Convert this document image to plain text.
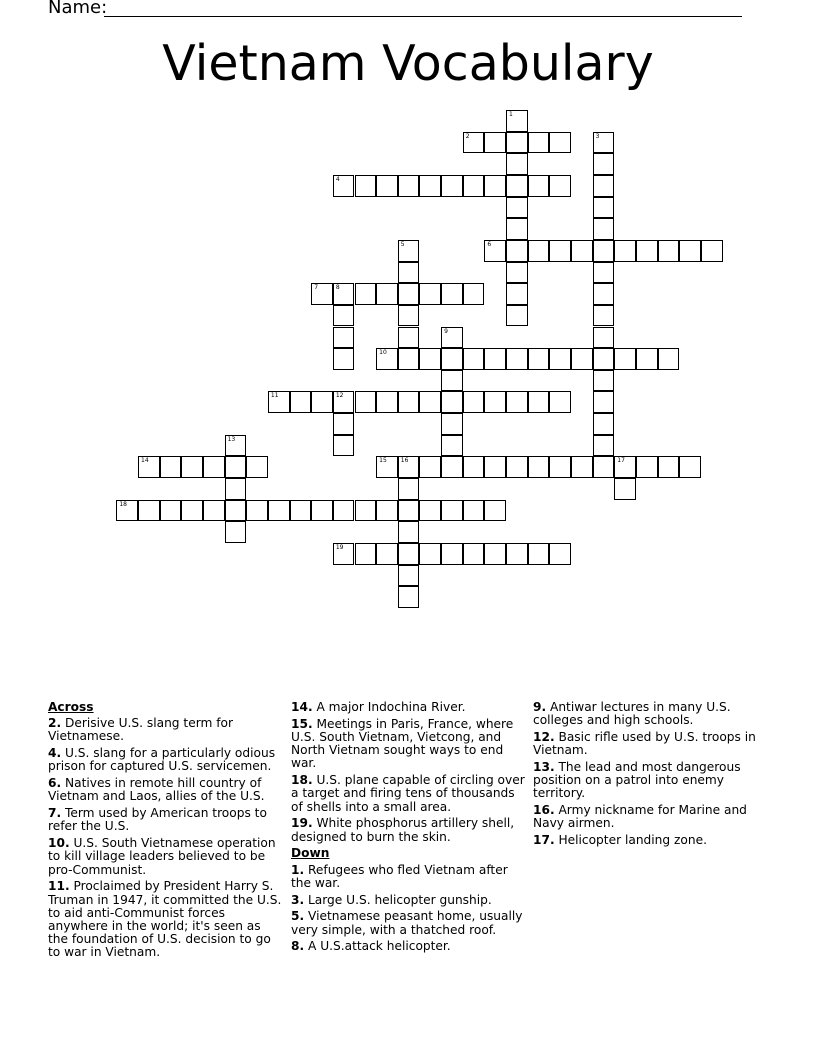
Name:
Vietnam Vocabulary
1
2	3
4
5	6
7	8
9
10
11	12
13
14	15 16	17
18
19
Across
2. Derisive U.S. slang term for Vietnamese.
4. U.S. slang for a particularly odious prison for captured U.S. servicemen.
6. Natives in remote hill country of Vietnam and Laos, allies of the U.S.
7. Term used by American troops to refer the U.S.
10. U.S. South Vietnamese operation to kill village leaders believed to be pro-Communist.
11. Proclaimed by President Harry S. Truman in 1947, it committed the U.S. to aid anti-Communist forces anywhere in the world; it's seen as the foundation of U.S. decision to go to war in Vietnam.
14. A major Indochina River.
15. Meetings in Paris, France, where U.S. South Vietnam, Vietcong, and North Vietnam sought ways to end war.
18. U.S. plane capable of circling over a target and firing tens of thousands of shells into a small area.
19. White phosphorus artillery shell, designed to burn the skin.
Down
1. Refugees who fled Vietnam after the war.
3. Large U.S. helicopter gunship.
5. Vietnamese peasant home, usually very simple, with a thatched roof.
8. A U.S.attack helicopter.
9. Antiwar lectures in many U.S. colleges and high schools.
12. Basic rifle used by U.S. troops in Vietnam.
13. The lead and most dangerous position on a patrol into enemy territory.
16. Army nickname for Marine and Navy airmen.
17. Helicopter landing zone.
